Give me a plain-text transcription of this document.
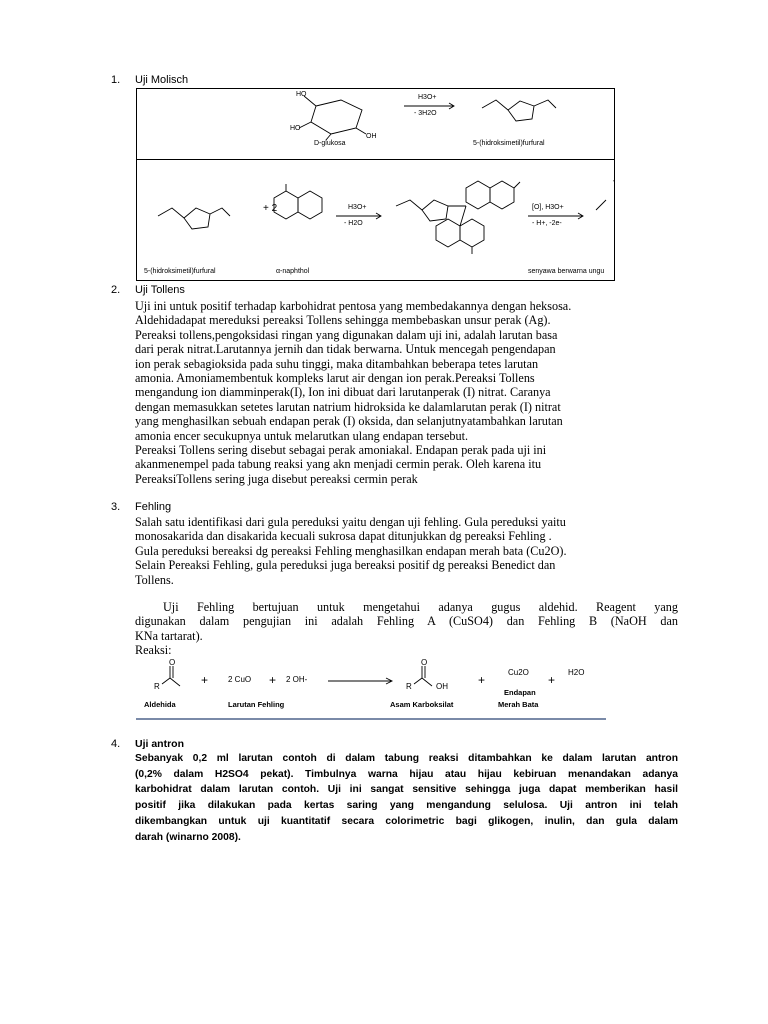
1. Uji Molisch
HO
HO
OH
H3O+
- 3H2O
D-glukosa	5-(hidroksimetil)furfural
+ 2	H3O+
- H2O
[O], H3O+
- H+, -2e-
5-(hidroksimetil)furfural	α-naphthol	senyawa berwarna ungu
2. Uji Tollens

Uji ini untuk positif terhadap karbohidrat pentosa yang membedakannya dengan heksosa.

Aldehidadapat mereduksi pereaksi Tollens sehingga membebaskan unsur perak (Ag).

Pereaksi tollens,pengoksidasi ringan yang digunakan dalam uji ini, adalah larutan basa

dari perak nitrat.Larutannya jernih dan tidak berwarna. Untuk mencegah pengendapan

ion perak sebagioksida pada suhu tinggi, maka ditambahkan beberapa tetes larutan

amonia. Amoniamembentuk kompleks larut air dengan ion perak.Pereaksi Tollens

mengandung ion diamminperak(I), Ion ini dibuat dari larutanperak (I) nitrat. Caranya

dengan memasukkan setetes larutan natrium hidroksida ke dalamlarutan perak (I) nitrat

yang menghasilkan sebuah endapan perak (I) oksida, dan selanjutnyatambahkan larutan

amonia encer secukupnya untuk melarutkan ulang endapan tersebut.

Pereaksi Tollens sering disebut sebagai perak amoniakal. Endapan perak pada uji ini

akanmenempel pada tabung reaksi yang akn menjadi cermin perak. Oleh karena itu

PereaksiTollens sering juga disebut pereaksi cermin perak

3. Fehling

Salah satu identifikasi dari gula pereduksi yaitu dengan uji fehling. Gula pereduksi yaitu

monosakarida dan disakarida kecuali sukrosa dapat ditunjukkan dg pereaksi Fehling .

Gula pereduksi bereaksi dg pereaksi Fehling menghasilkan endapan merah bata (Cu2O).

Selain Pereaksi Fehling, gula pereduksi juga bereaksi positif dg pereaksi Benedict dan

Tollens.

Uji Fehling bertujuan untuk mengetahui adanya gugus aldehid. Reagent yang

digunakan dalam pengujian ini adalah Fehling A (CuSO4) dan Fehling B (NaOH dan

KNa tartarat).

Reaksi:

O
R	+ 2 CuO + 2 OH-
O
R	OH	+
Cu2O
+
H2O
Aldehida	Larutan Fehling	Asam Karboksilat
Endapan
Merah Bata
4. Uji antron

Sebanyak 0,2 ml larutan contoh di dalam tabung reaksi ditambahkan ke dalam larutan antron

(0,2% dalam H2SO4 pekat). Timbulnya warna hijau atau hijau kebiruan menandakan adanya

karbohidrat dalam larutan contoh. Uji ini sangat sensitive sehingga juga dapat memberikan hasil

positif jika dilakukan pada kertas saring yang mengandung selulosa. Uji antron ini telah

dikembangkan untuk uji kuantitatif secara colorimetric bagi glikogen, inulin, dan gula dalam

darah (winarno 2008).
